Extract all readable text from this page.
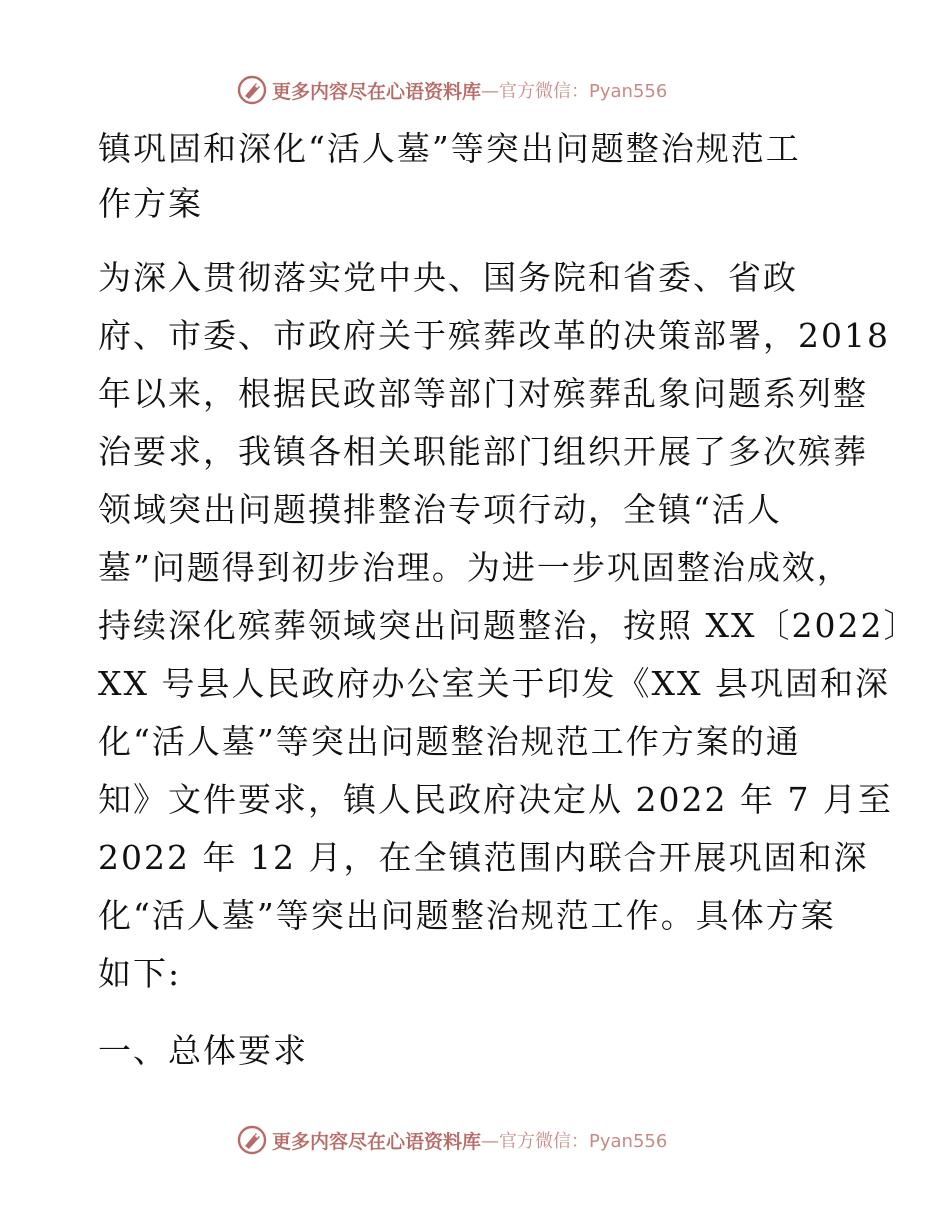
更多内容尽在心语资料库 —官方微信：Pyan556
镇巩固和深化“活人墓”等突出问题整治规范工
作方案
为深入贯彻落实党中央、国务院和省委、省政
府、市委、市政府关于殡葬改革的决策部署，2018
年以来，根据民政部等部门对殡葬乱象问题系列整
治要求，我镇各相关职能部门组织开展了多次殡葬
领域突出问题摸排整治专项行动，全镇“活人
墓”问题得到初步治理。为进一步巩固整治成效，
持续深化殡葬领域突出问题整治，按照 XX〔2022〕
XX 号县人民政府办公室关于印发《XX 县巩固和深
化“活人墓”等突出问题整治规范工作方案的通
知》文件要求，镇人民政府决定从 2022 年 7 月至
2022 年 12 月，在全镇范围内联合开展巩固和深
化“活人墓”等突出问题整治规范工作。具体方案
如下:
一、总体要求
更多内容尽在心语资料库 —官方微信：Pyan556
